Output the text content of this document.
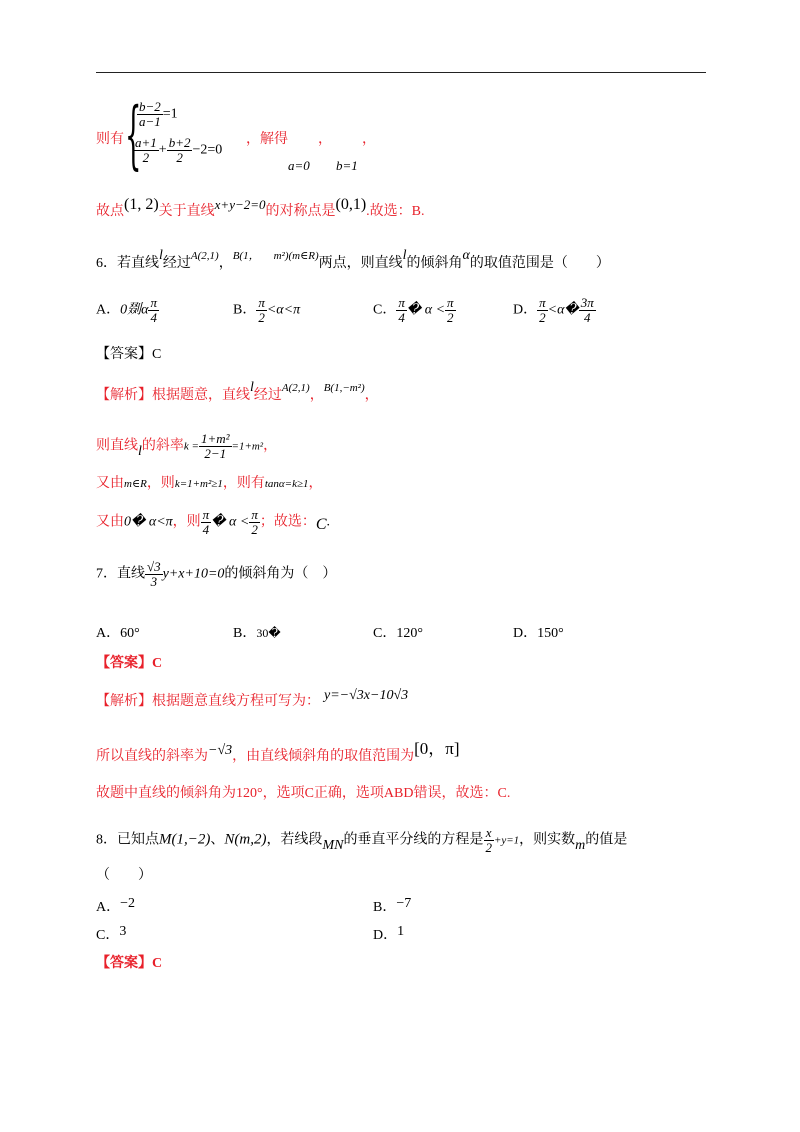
则有 {
$\frac{b-2}{a-1} =1$
$\frac{a+1}{2} + \frac{b+2}{2} -2=0$
，解得 ， ，
a=0 b=1
故点(1, 2)关于直线x+y−2=0的对称点是(0,1).故选：B.
6．若直线l经过$^{A(2,1)}$，$^{B(1,}$ $^{m^2)(m\in R)}$两点，则直线l的倾斜角α的取值范围是（　　）
A．0剟α $\frac{\pi}{4}$	B． $\frac{\pi}{2} <\alpha<\pi$	C． $\frac{\pi}{4}$ � $\alpha < \frac{\pi}{2}$	D． $\frac{\pi}{2}$ <α� $\frac{3\pi}{4}$
【答案】C
【解析】根据题意，直线l经过$^{A(2,1)}$，$^{B(1,-m^2)}$，
则直线l的斜率$k = \frac{\text{1+m²}}{2-1} =1+m^2$，
又由m∈R，则k=1+m²≥1，则有tanα=k≥1，
又由0� α<π，则 $\frac{\pi}{4}$ � $\alpha < \frac{\pi}{2}$ ；故选：C.
7．直线 $\frac{√3}{3} y+x+10=0$的倾斜角为（　）
A．60°	B．30�	C．120°	D．150°
【答案】C
【解析】根据题意直线方程可写为： y=−√3x−10√3
所以直线的斜率为−√3，由直线倾斜角的取值范围为[0，π]
故题中直线的倾斜角为120°，选项C正确，选项ABD错误，故选：C.
8．已知点M(1,−2)、N(m,2)，若线段MN的垂直平分线的方程是 $\frac{x}{2} +y=1$，则实数m的值是
（　　）
A．−2	B．−7
C．3	D．1
【答案】C
